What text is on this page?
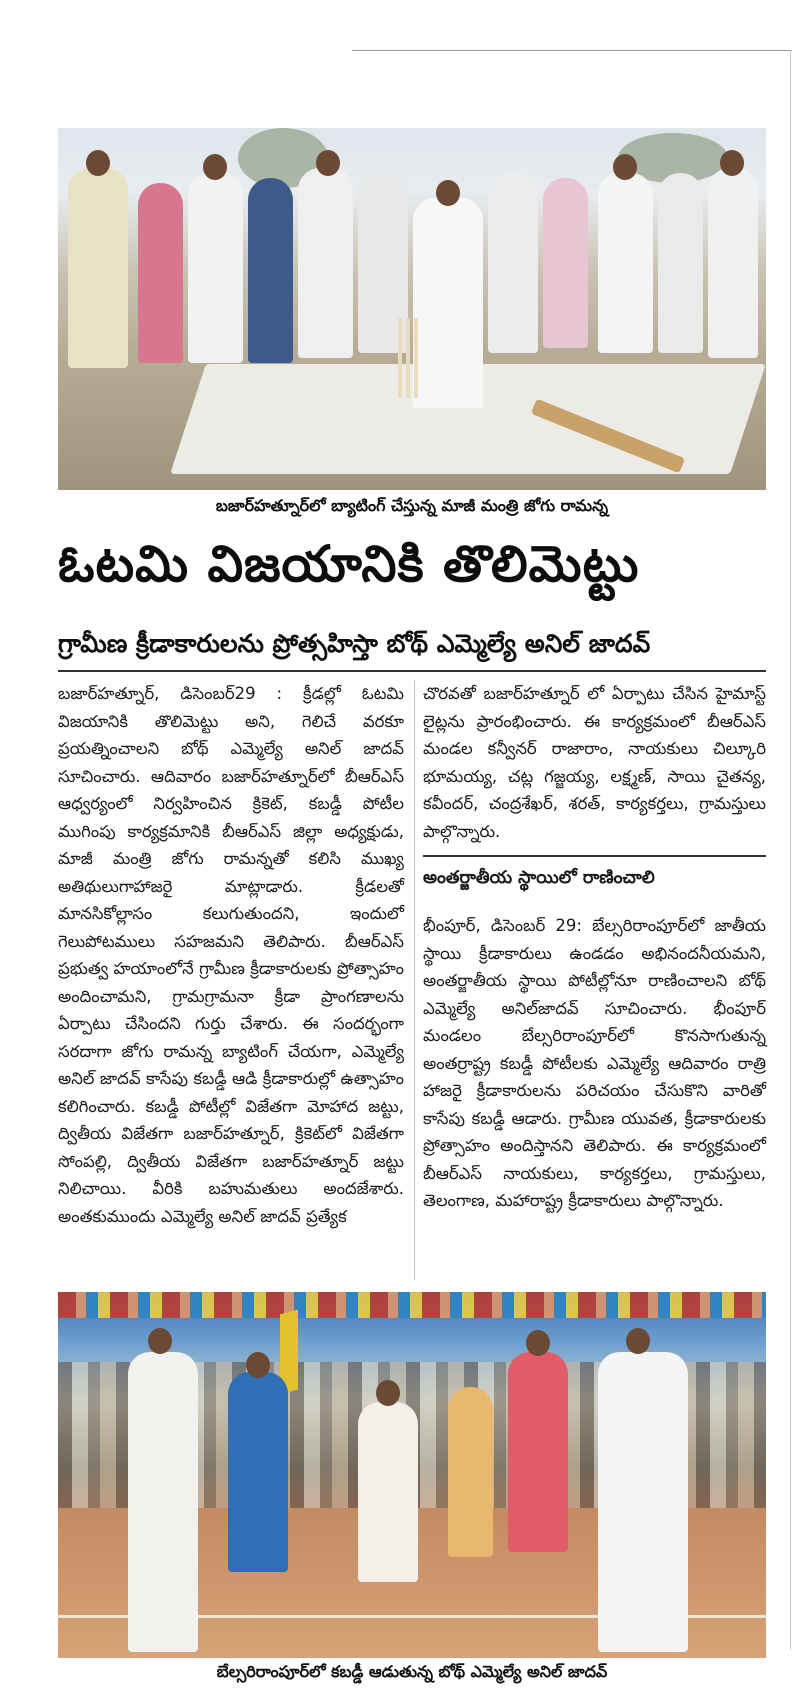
బజార్‌హత్నూర్‌లో బ్యాటింగ్ చేస్తున్న మాజీ మంత్రి జోగు రామన్న
ఓటమి విజయానికి తొలిమెట్టు
గ్రామీణ క్రీడాకారులను ప్రోత్సహిస్తా బోథ్ ఎమ్మెల్యే అనిల్ జాదవ్

బజార్‌హత్నూర్, డిసెంబర్29 : క్రీడల్లో ఓటమి విజయానికి తొలిమెట్టు అని, గెలిచే వరకూ ప్రయత్నించాలని బోథ్ ఎమ్మెల్యే అనిల్ జాదవ్ సూచించారు. ఆదివారం బజార్‌హత్నూర్‌లో బీఆర్‌ఎస్ ఆధ్వర్యంలో నిర్వహించిన క్రికెట్, కబడ్డీ పోటీల ముగింపు కార్యక్రమానికి బీఆర్‌ఎస్ జిల్లా అధ్యక్షుడు, మాజీ మంత్రి జోగు రామన్నతో కలిసి ముఖ్య అతిథులుగాహాజరై మాట్లాడారు. క్రీడలతో మానసికోల్లాసం కలుగుతుందని, ఇందులో గెలుపోటములు సహజమని తెలిపారు. బీఆర్‌ఎస్ ప్రభుత్వ హయాంలోనే గ్రామీణ క్రీడాకారులకు ప్రోత్సాహం అందించామని, గ్రామగ్రామనా క్రీడా ప్రాంగణాలను ఏర్పాటు చేసిందని గుర్తు చేశారు. ఈ సందర్భంగా సరదాగా జోగు రామన్న బ్యాటింగ్ చేయగా, ఎమ్మెల్యే అనిల్ జాదవ్ కాసేపు కబడ్డీ ఆడి క్రీడాకారుల్లో ఉత్సాహం కలిగించారు. కబడ్డీ పోటీల్లో విజేతగా మోహాద జట్టు, ద్వితీయ విజేతగా బజార్‌హత్నూర్, క్రికెట్‌లో విజేతగా సోంపల్లి, ద్వితీయ విజేతగా బజార్‌హత్నూర్ జట్టు నిలిచాయి. వీరికి బహుమతులు అందజేశారు. అంతకుముందు ఎమ్మెల్యే అనిల్ జాదవ్ ప్రత్యేక

చొరవతో బజార్‌హత్నూర్ లో ఏర్పాటు చేసిన హైమాస్ట్ లైట్లను ప్రారంభించారు. ఈ కార్యక్రమంలో బీఆర్‌ఎస్ మండల కన్వీనర్ రాజారాం, నాయకులు చిల్కూరి భూమయ్య, చట్ల గజ్జయ్య, లక్ష్మణ్, సాయి చైతన్య, కవీందర్, చంద్రశేఖర్, శరత్, కార్యకర్తలు, గ్రామస్తులు పాల్గొన్నారు.

అంతర్జాతీయ స్థాయిలో రాణించాలి

భీంపూర్, డిసెంబర్ 29: బేల్సరిరాంపూర్‌లో జాతీయ స్థాయి క్రీడాకారులు ఉండడం అభినందనీయమని, అంతర్జాతీయ స్థాయి పోటీల్లోనూ రాణించాలని బోథ్ ఎమ్మెల్యే అనిల్‌జాదవ్ సూచించారు. భీంపూర్ మండలం బేల్సరిరాంపూర్‌లో కొనసాగుతున్న అంతర్రాష్ట్ర కబడ్డీ పోటీలకు ఎమ్మెల్యే ఆదివారం రాత్రి హాజరై క్రీడాకారులను పరిచయం చేసుకొని వారితో కాసేపు కబడ్డీ ఆడారు. గ్రామీణ యువత, క్రీడాకారులకు ప్రోత్సాహం అందిస్తానని తెలిపారు. ఈ కార్యక్రమంలో బీఆర్‌ఎస్ నాయకులు, కార్యకర్తలు, గ్రామస్తులు, తెలంగాణ, మహారాష్ట్ర క్రీడాకారులు పాల్గొన్నారు.

బేల్సరిరాంపూర్‌లో కబడ్డీ ఆడుతున్న బోథ్ ఎమ్మెల్యే అనిల్ జాదవ్
